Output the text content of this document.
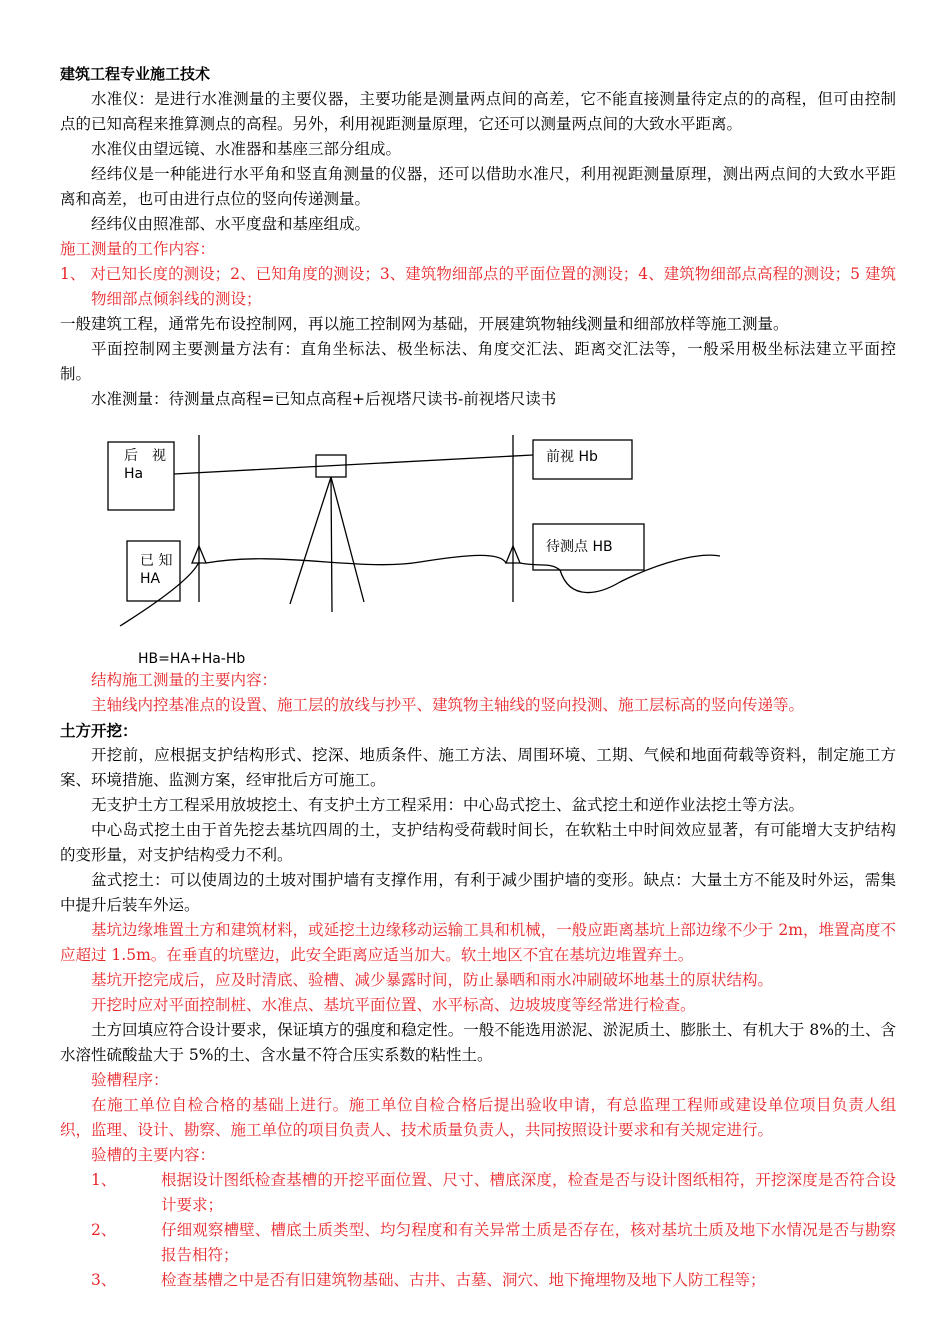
建筑工程专业施工技术

水准仪：是进行水准测量的主要仪器，主要功能是测量两点间的高差，它不能直接测量待定点的的高程，但可由控制点的已知高程来推算测点的高程。另外，利用视距测量原理，它还可以测量两点间的大致水平距离。

水准仪由望远镜、水准器和基座三部分组成。

经纬仪是一种能进行水平角和竖直角测量的仪器，还可以借助水准尺，利用视距测量原理，测出两点间的大致水平距离和高差，也可由进行点位的竖向传递测量。

经纬仪由照准部、水平度盘和基座组成。

施工测量的工作内容：

1、 对已知长度的测设；2、已知角度的测设；3、建筑物细部点的平面位置的测设；4、建筑物细部点高程的测设；5 建筑物细部点倾斜线的测设；

一般建筑工程，通常先布设控制网，再以施工控制网为基础，开展建筑物轴线测量和细部放样等施工测量。

平面控制网主要测量方法有：直角坐标法、极坐标法、角度交汇法、距离交汇法等，一般采用极坐标法建立平面控制。

水准测量：待测量点高程=已知点高程+后视塔尺读书-前视塔尺读书

后　视
Ha
前视 Hb
待测点 HB
已 知
HA
HB=HA+Ha-Hb

结构施工测量的主要内容：

主轴线内控基准点的设置、施工层的放线与抄平、建筑物主轴线的竖向投测、施工层标高的竖向传递等。

土方开挖：

开挖前，应根据支护结构形式、挖深、地质条件、施工方法、周围环境、工期、气候和地面荷载等资料，制定施工方案、环境措施、监测方案，经审批后方可施工。

无支护土方工程采用放坡挖土、有支护土方工程采用：中心岛式挖土、盆式挖土和逆作业法挖土等方法。

中心岛式挖土由于首先挖去基坑四周的土，支护结构受荷载时间长，在软粘土中时间效应显著，有可能增大支护结构的变形量，对支护结构受力不利。

盆式挖土：可以使周边的土坡对围护墙有支撑作用，有利于减少围护墙的变形。缺点：大量土方不能及时外运，需集中提升后装车外运。

基坑边缘堆置土方和建筑材料，或延挖土边缘移动运输工具和机械，一般应距离基坑上部边缘不少于 2m，堆置高度不应超过 1.5m。在垂直的坑壁边，此安全距离应适当加大。软土地区不宜在基坑边堆置弃土。

基坑开挖完成后，应及时清底、验槽、减少暴露时间，防止暴晒和雨水冲刷破坏地基土的原状结构。

开挖时应对平面控制桩、水准点、基坑平面位置、水平标高、边坡坡度等经常进行检查。

土方回填应符合设计要求，保证填方的强度和稳定性。一般不能选用淤泥、淤泥质土、膨胀土、有机大于 8%的土、含水溶性硫酸盐大于 5%的土、含水量不符合压实系数的粘性土。

验槽程序：

在施工单位自检合格的基础上进行。施工单位自检合格后提出验收申请，有总监理工程师或建设单位项目负责人组织，监理、设计、勘察、施工单位的项目负责人、技术质量负责人，共同按照设计要求和有关规定进行。

验槽的主要内容：

1、	根据设计图纸检查基槽的开挖平面位置、尺寸、槽底深度，检查是否与设计图纸相符，开挖深度是否符合设计要求；
2、	仔细观察槽壁、槽底土质类型、均匀程度和有关异常土质是否存在，核对基坑土质及地下水情况是否与勘察报告相符；
3、	检查基槽之中是否有旧建筑物基础、古井、古墓、洞穴、地下掩埋物及地下人防工程等；
